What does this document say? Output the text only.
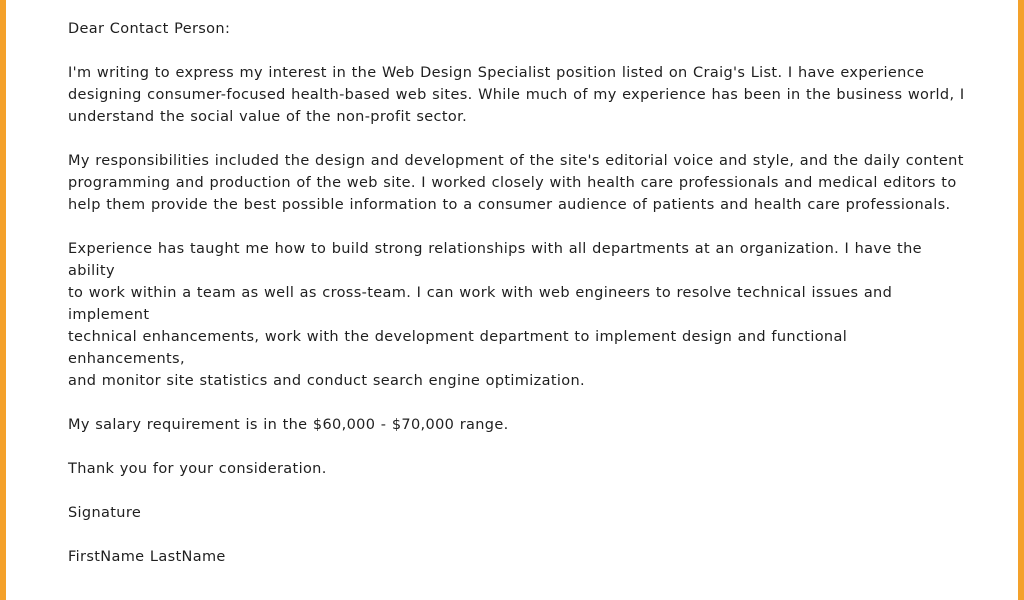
Dear Contact Person:

I'm writing to express my interest in the Web Design Specialist position listed on Craig's List. I have experience
designing consumer-focused health-based web sites. While much of my experience has been in the business world, I
understand the social value of the non-profit sector.

My responsibilities included the design and development of the site's editorial voice and style, and the daily content
programming and production of the web site. I worked closely with health care professionals and medical editors to
help them provide the best possible information to a consumer audience of patients and health care professionals.

Experience has taught me how to build strong relationships with all departments at an organization. I have the ability
to work within a team as well as cross-team. I can work with web engineers to resolve technical issues and implement
technical enhancements, work with the development department to implement design and functional enhancements,
and monitor site statistics and conduct search engine optimization.

My salary requirement is in the $60,000 - $70,000 range.

Thank you for your consideration.

Signature

FirstName LastName
